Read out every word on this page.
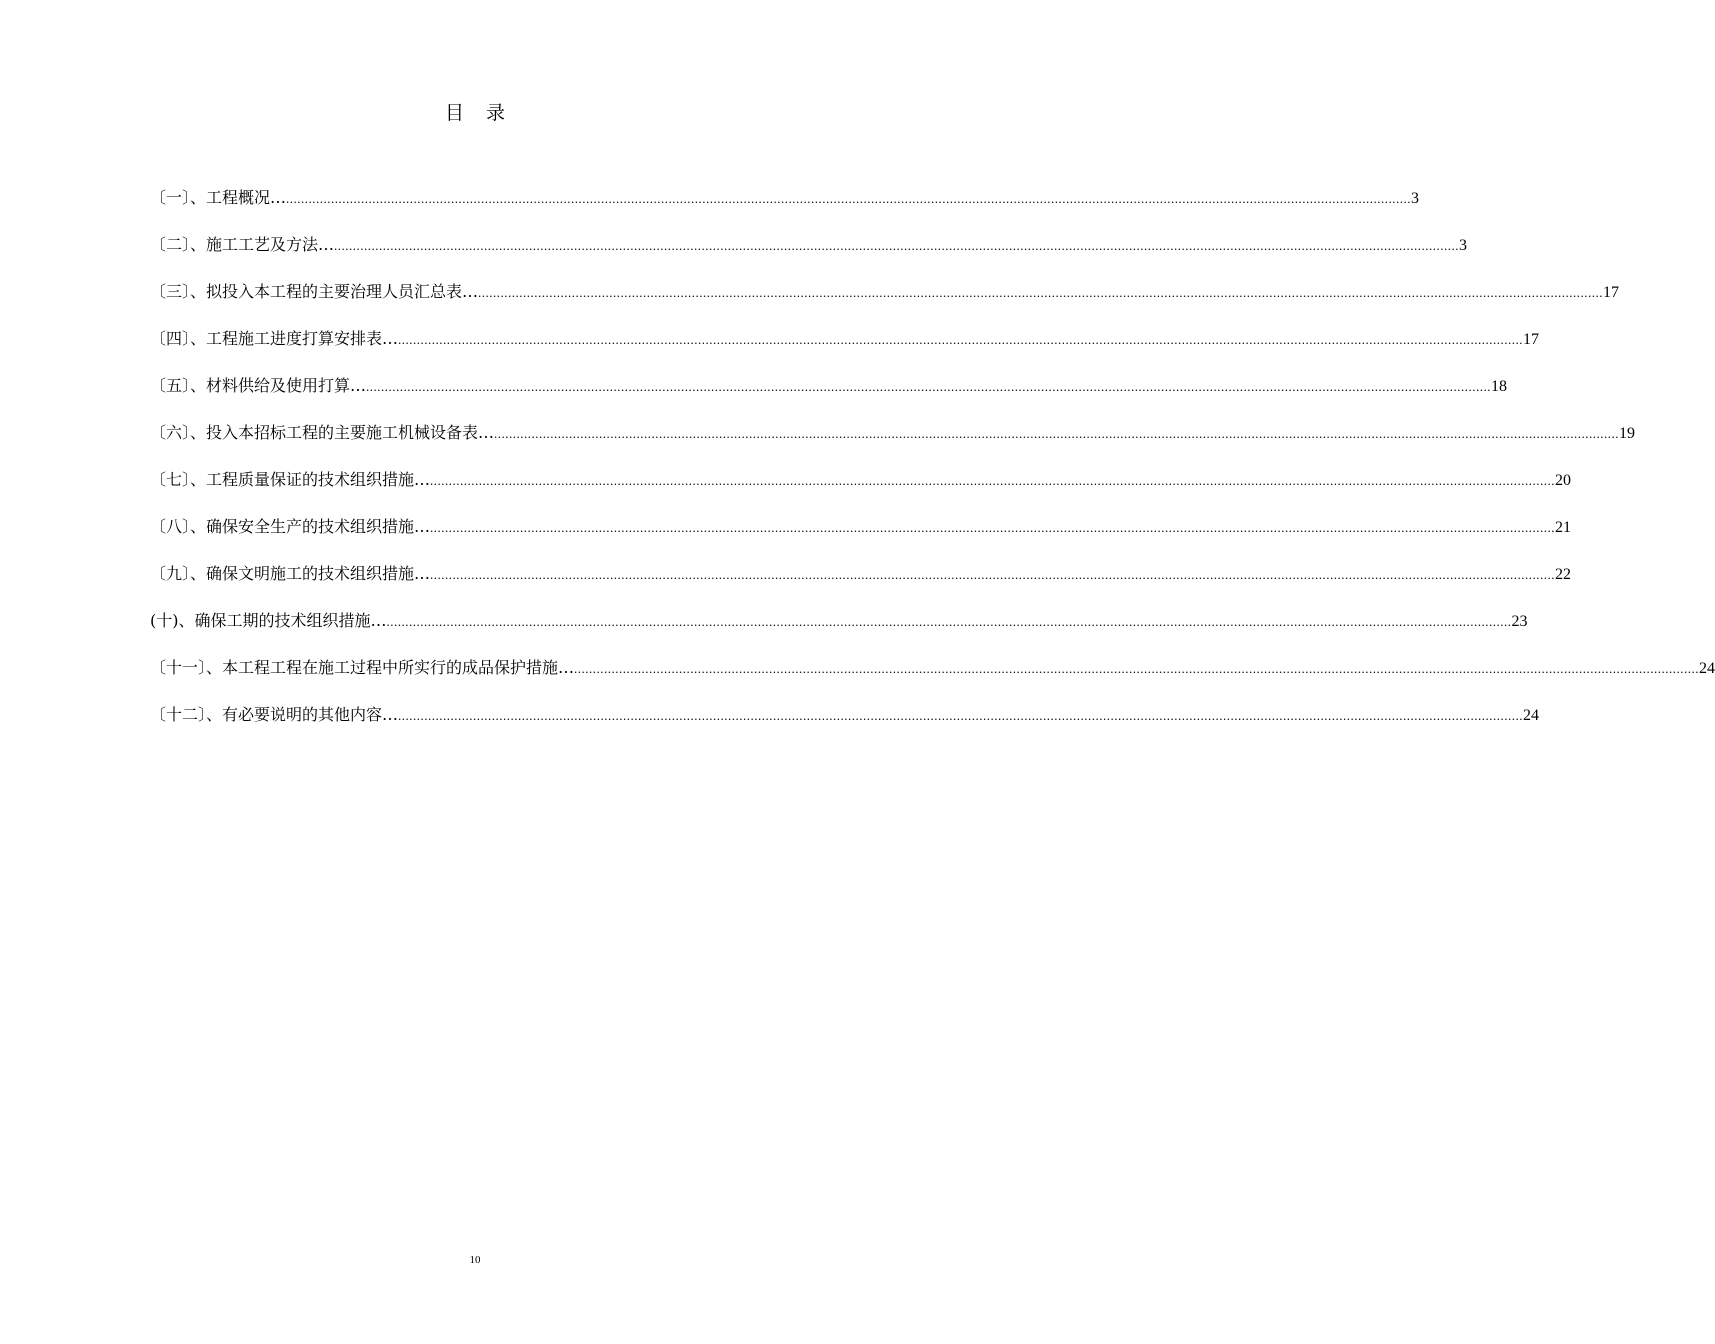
目录
〔一〕、工程概况… ............................................................................................................................................................................................................................................................................................................ 3
〔二〕、施工工艺及方法… ............................................................................................................................................................................................................................................................................................................ 3
〔三〕、拟投入本工程的主要治理人员汇总表… ............................................................................................................................................................................................................................................................................................................ 17
〔四〕、工程施工进度打算安排表… ............................................................................................................................................................................................................................................................................................................ 17
〔五〕、材料供给及使用打算… ............................................................................................................................................................................................................................................................................................................ 18
〔六〕、投入本招标工程的主要施工机械设备表… ............................................................................................................................................................................................................................................................................................................ 19
〔七〕、工程质量保证的技术组织措施… ............................................................................................................................................................................................................................................................................................................ 20
〔八〕、确保安全生产的技术组织措施… ............................................................................................................................................................................................................................................................................................................ 21
〔九〕、确保文明施工的技术组织措施… ............................................................................................................................................................................................................................................................................................................ 22
(十)、确保工期的技术组织措施… ............................................................................................................................................................................................................................................................................................................ 23
〔十一〕、本工程工程在施工过程中所实行的成品保护措施… ............................................................................................................................................................................................................................................................................................................ 24
〔十二〕、有必要说明的其他内容… ............................................................................................................................................................................................................................................................................................................ 24
10
